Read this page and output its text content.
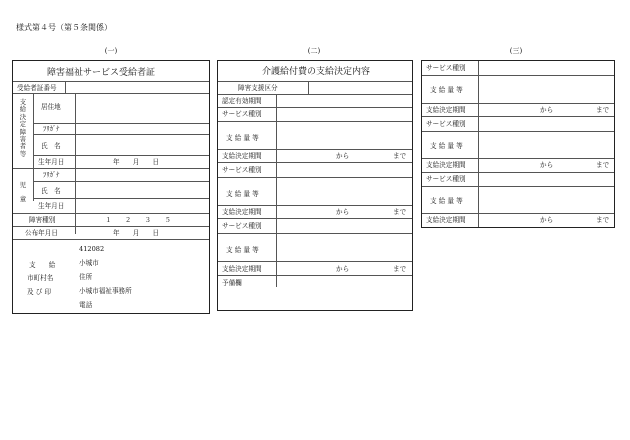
様式第４号（第５条関係）
(一)	(二)	(三)
障害福祉サービス受給者証
受給者証番号
支給決定障害者等
居住地
ﾌﾘｶﾞﾅ
氏　名
生年月日	年　　月　　日
児　童
ﾌﾘｶﾞﾅ
氏　名
生年月日
障害種別	１　　２　　３　　５
公布年月日	年　　月　　日
支　　給
市町村名
及 び 印
412082
小城市
住所
小城市福祉事務所
電話
介護給付費の支給決定内容
障害支援区分
認定有効期間
サービス種別
支 給 量 等
支給決定期間	から	まで
サービス種別
支 給 量 等
支給決定期間	から	まで
サービス種別
支 給 量 等
支給決定期間	から	まで
予備欄
サービス種別
支 給 量 等
支給決定期間	から	まで
サービス種別
支 給 量 等
支給決定期間	から	まで
サービス種別
支 給 量 等
支給決定期間	から	まで
